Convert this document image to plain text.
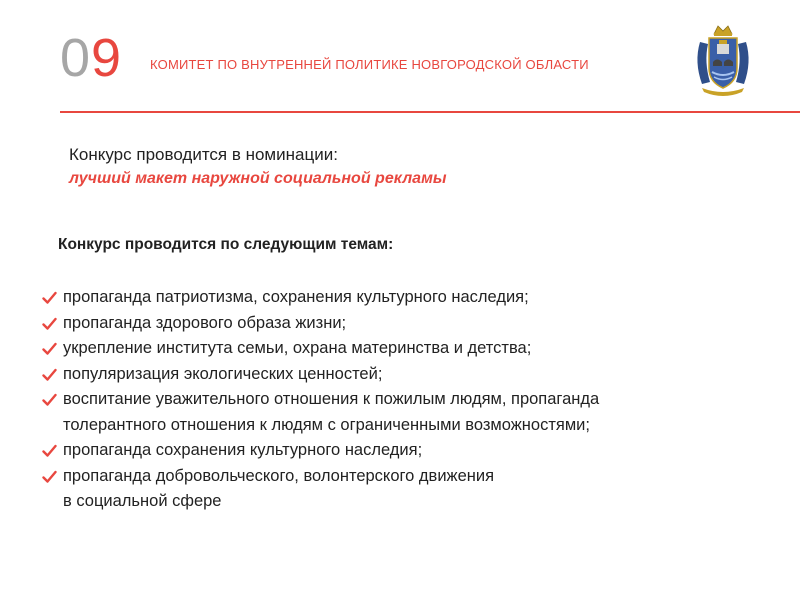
09 КОМИТЕТ ПО ВНУТРЕННЕЙ ПОЛИТИКЕ НОВГОРОДСКОЙ ОБЛАСТИ
Конкурс проводится в номинации:
лучший макет наружной социальной рекламы
Конкурс проводится по следующим темам:
пропаганда патриотизма, сохранения культурного наследия;
пропаганда здорового образа жизни;
укрепление института семьи, охрана материнства и детства;
популяризация экологических ценностей;
воспитание уважительного отношения к пожилым людям, пропаганда
толерантного отношения к людям с ограниченными возможностями;
пропаганда сохранения культурного наследия;
пропаганда добровольческого, волонтерского движения
в социальной сфере
